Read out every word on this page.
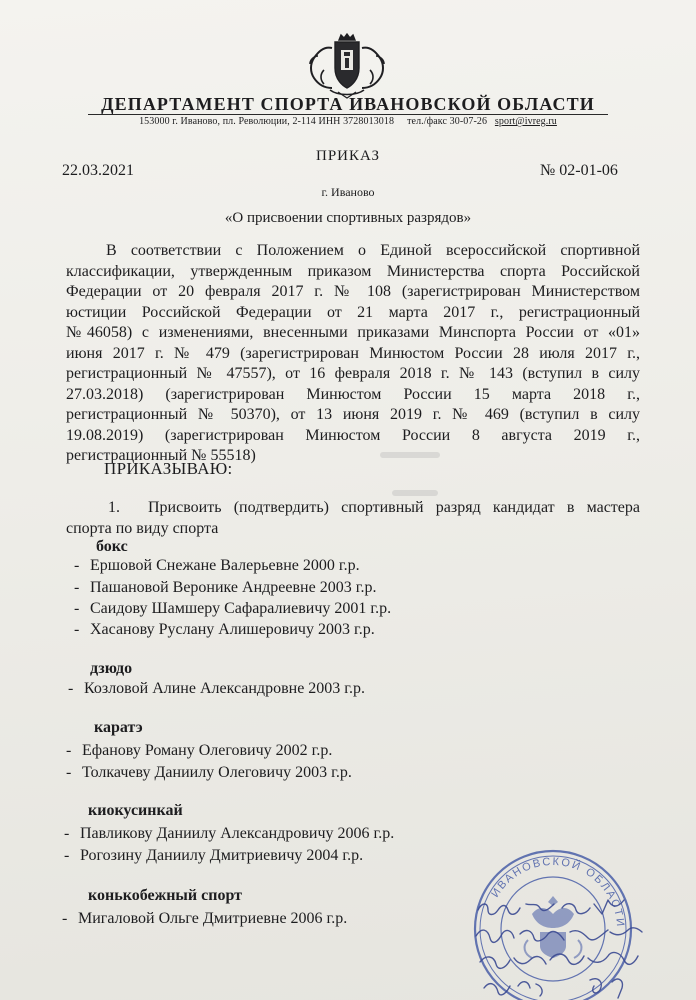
ДЕПАРТАМЕНТ СПОРТА ИВАНОВСКОЙ ОБЛАСТИ
153000 г. Иваново, пл. Революции, 2-114 ИНН 3728013018 тел./факс 30-07-26 sport@ivreg.ru
ПРИКАЗ
22.03.2021	№ 02-01-06
г. Иваново
«О присвоении спортивных разрядов»
В соответствии с Положением о Единой всероссийской спортивной
классификации, утвержденным приказом Министерства спорта Российской
Федерации от 20 февраля 2017 г. № 108 (зарегистрирован Министерством
юстиции Российской Федерации от 21 марта 2017 г., регистрационный
№46058) с изменениями, внесенными приказами Минспорта России от «01»
июня 2017 г. № 479 (зарегистрирован Минюстом России 28 июля 2017 г.,
регистрационный № 47557), от 16 февраля 2018 г. № 143 (вступил в силу
27.03.2018) (зарегистрирован Минюстом России 15 марта 2018 г.,
регистрационный № 50370), от 13 июня 2019 г. № 469 (вступил в силу
19.08.2019) (зарегистрирован Минюстом России 8 августа 2019 г.,
регистрационный № 55518)
ПРИКАЗЫВАЮ:
1. Присвоить (подтвердить) спортивный разряд кандидат в мастера
спорта по виду спорта
бокс
- Ершовой Снежане Валерьевне 2000 г.р.
- Пашановой Веронике Андреевне 2003 г.р.
- Саидову Шамшеру Сафаралиевичу 2001 г.р.
- Хасанову Руслану Алишеровичу 2003 г.р.
дзюдо
- Козловой Алине Александровне 2003 г.р.
каратэ
- Ефанову Роману Олеговичу 2002 г.р.
- Толкачеву Даниилу Олеговичу 2003 г.р.
киокусинкай
- Павликову Даниилу Александровичу 2006 г.р.
- Рогозину Даниилу Дмитриевичу 2004 г.р.
конькобежный спорт
- Мигаловой Ольге Дмитриевне 2006 г.р.
ИВАНОВСКОЙ ОБЛАСТИ
